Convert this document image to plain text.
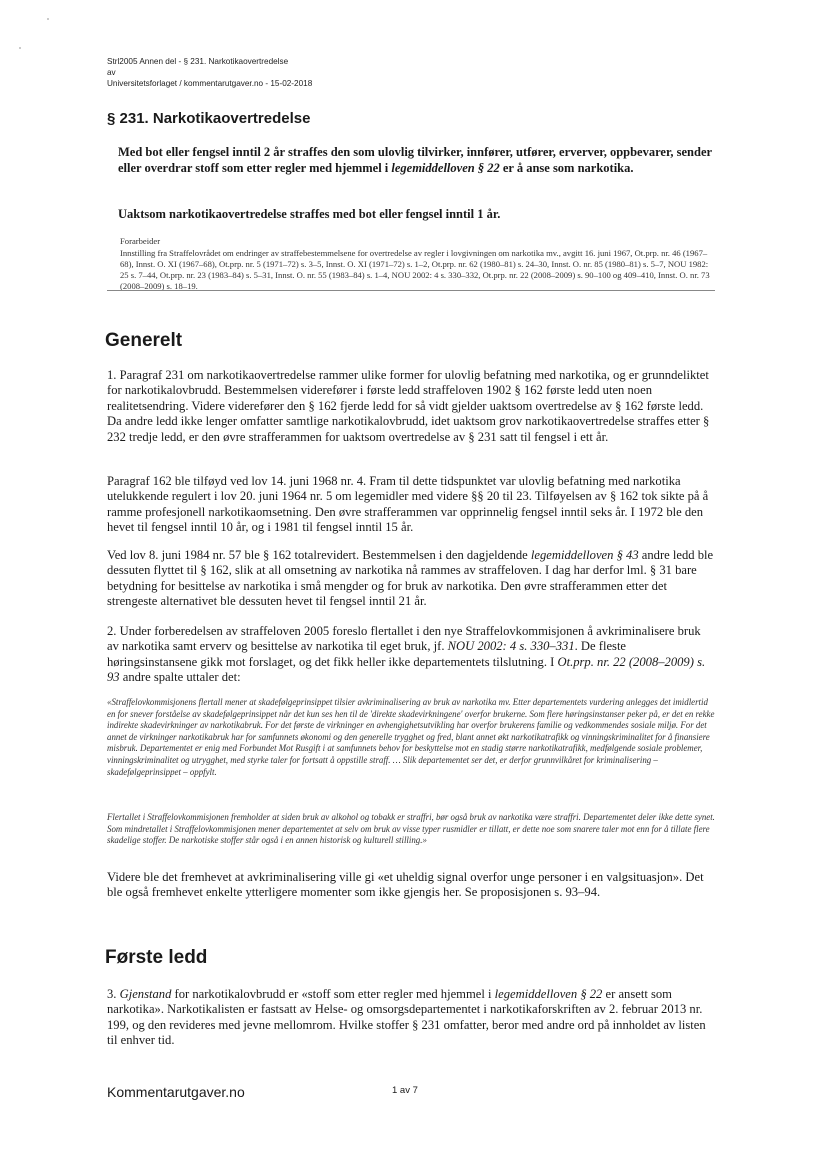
Strl2005 Annen del - § 231. Narkotikaovertredelse
av
Universitetsforlaget / kommentarutgaver.no - 15-02-2018
§ 231. Narkotikaovertredelse
Med bot eller fengsel inntil 2 år straffes den som ulovlig tilvirker, innfører, utfører, erverver, oppbevarer, sender eller overdrar stoff som etter regler med hjemmel i legemiddelloven § 22 er å anse som narkotika.
Uaktsom narkotikaovertredelse straffes med bot eller fengsel inntil 1 år.
Forarbeider
Innstilling fra Straffelovrådet om endringer av straffebestemmelsene for overtredelse av regler i lovgivningen om narkotika mv., avgitt 16. juni 1967, Ot.prp. nr. 46 (1967–68), Innst. O. XI (1967–68), Ot.prp. nr. 5 (1971–72) s. 3–5, Innst. O. XI (1971–72) s. 1–2, Ot.prp. nr. 62 (1980–81) s. 24–30, Innst. O. nr. 85 (1980–81) s. 5–7, NOU 1982: 25 s. 7–44, Ot.prp. nr. 23 (1983–84) s. 5–31, Innst. O. nr. 55 (1983–84) s. 1–4, NOU 2002: 4 s. 330–332, Ot.prp. nr. 22 (2008–2009) s. 90–100 og 409–410, Innst. O. nr. 73 (2008–2009) s. 18–19.
Generelt
1. Paragraf 231 om narkotikaovertredelse rammer ulike former for ulovlig befatning med narkotika, og er grunndeliktet for narkotikalovbrudd. Bestemmelsen viderefører i første ledd straffeloven 1902 § 162 første ledd uten noen realitetsendring. Videre viderefører den § 162 fjerde ledd for så vidt gjelder uaktsom overtredelse av § 162 første ledd. Da andre ledd ikke lenger omfatter samtlige narkotikalovbrudd, idet uaktsom grov narkotikaovertredelse straffes etter § 232 tredje ledd, er den øvre strafferammen for uaktsom overtredelse av § 231 satt til fengsel i ett år.
Paragraf 162 ble tilføyd ved lov 14. juni 1968 nr. 4. Fram til dette tidspunktet var ulovlig befatning med narkotika utelukkende regulert i lov 20. juni 1964 nr. 5 om legemidler med videre §§ 20 til 23. Tilføyelsen av § 162 tok sikte på å ramme profesjonell narkotikaomsetning. Den øvre strafferammen var opprinnelig fengsel inntil seks år. I 1972 ble den hevet til fengsel inntil 10 år, og i 1981 til fengsel inntil 15 år.
Ved lov 8. juni 1984 nr. 57 ble § 162 totalrevidert. Bestemmelsen i den dagjeldende legemiddelloven § 43 andre ledd ble dessuten flyttet til § 162, slik at all omsetning av narkotika nå rammes av straffeloven. I dag har derfor lml. § 31 bare betydning for besittelse av narkotika i små mengder og for bruk av narkotika. Den øvre strafferammen etter det strengeste alternativet ble dessuten hevet til fengsel inntil 21 år.
2. Under forberedelsen av straffeloven 2005 foreslo flertallet i den nye Straffelovkommisjonen å avkriminalisere bruk av narkotika samt erverv og besittelse av narkotika til eget bruk, jf. NOU 2002: 4 s. 330–331. De fleste høringsinstansene gikk mot forslaget, og det fikk heller ikke departementets tilslutning. I Ot.prp. nr. 22 (2008–2009) s. 93 andre spalte uttaler det:
«Straffelovkommisjonens flertall mener at skadefølgeprinsippet tilsier avkriminalisering av bruk av narkotika mv. Etter departementets vurdering anlegges det imidlertid en for snever forståelse av skadefølgeprinsippet når det kun ses hen til de 'direkte skadevirkningene' overfor brukerne. Som flere høringsinstanser peker på, er det en rekke indirekte skadevirkninger av narkotikabruk. For det første de virkninger en avhengighetsutvikling har overfor brukerens familie og vedkommendes sosiale miljø. For det annet de virkninger narkotikabruk har for samfunnets økonomi og den generelle trygghet og fred, blant annet økt narkotikatrafikk og vinningskriminalitet for å finansiere misbruk. Departementet er enig med Forbundet Mot Rusgift i at samfunnets behov for beskyttelse mot en stadig større narkotikatrafikk, medfølgende sosiale problemer, vinningskriminalitet og utrygghet, med styrke taler for fortsatt å oppstille straff. … Slik departementet ser det, er derfor grunnvilkåret for kriminalisering – skadefølgeprinsippet – oppfylt.
Flertallet i Straffelovkommisjonen fremholder at siden bruk av alkohol og tobakk er straffri, bør også bruk av narkotika være straffri. Departementet deler ikke dette synet. Som mindretallet i Straffelovkommisjonen mener departementet at selv om bruk av visse typer rusmidler er tillatt, er dette noe som snarere taler mot enn for å tillate flere skadelige stoffer. De narkotiske stoffer står også i en annen historisk og kulturell stilling.»
Videre ble det fremhevet at avkriminalisering ville gi «et uheldig signal overfor unge personer i en valgsituasjon». Det ble også fremhevet enkelte ytterligere momenter som ikke gjengis her. Se proposisjonen s. 93–94.
Første ledd
3. Gjenstand for narkotikalovbrudd er «stoff som etter regler med hjemmel i legemiddelloven § 22 er ansett som narkotika». Narkotikalisten er fastsatt av Helse- og omsorgsdepartementet i narkotikaforskriften av 2. februar 2013 nr. 199, og den revideres med jevne mellomrom. Hvilke stoffer § 231 omfatter, beror med andre ord på innholdet av listen til enhver tid.
Kommentarutgaver.no	1 av 7
